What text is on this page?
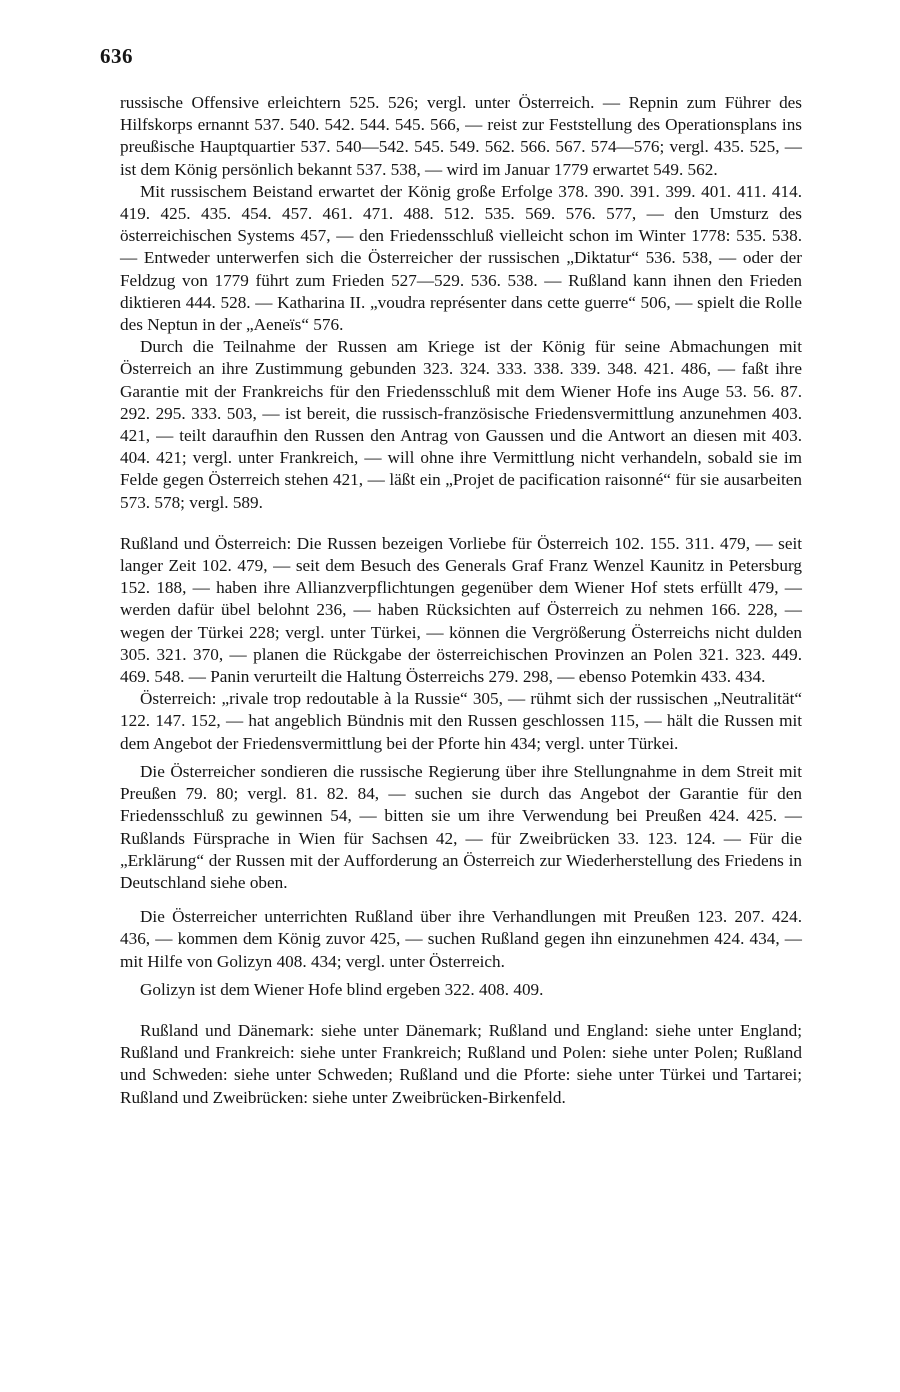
636

russische Offensive erleichtern 525. 526; vergl. unter Österreich. — Repnin zum Führer des Hilfskorps ernannt 537. 540. 542. 544. 545. 566, — reist zur Feststellung des Operationsplans ins preußische Hauptquartier 537. 540—542. 545. 549. 562. 566. 567. 574—576; vergl. 435. 525, — ist dem König persönlich bekannt 537. 538, — wird im Januar 1779 erwartet 549. 562.

Mit russischem Beistand erwartet der König große Erfolge 378. 390. 391. 399. 401. 411. 414. 419. 425. 435. 454. 457. 461. 471. 488. 512. 535. 569. 576. 577, — den Umsturz des österreichischen Systems 457, — den Friedensschluß vielleicht schon im Winter 1778: 535. 538. — Entweder unterwerfen sich die Österreicher der russischen „Diktatur“ 536. 538, — oder der Feldzug von 1779 führt zum Frieden 527—529. 536. 538. — Rußland kann ihnen den Frieden diktieren 444. 528. — Katharina II. „voudra représenter dans cette guerre“ 506, — spielt die Rolle des Neptun in der „Aeneïs“ 576.

Durch die Teilnahme der Russen am Kriege ist der König für seine Abmachungen mit Österreich an ihre Zustimmung gebunden 323. 324. 333. 338. 339. 348. 421. 486, — faßt ihre Garantie mit der Frankreichs für den Friedensschluß mit dem Wiener Hofe ins Auge 53. 56. 87. 292. 295. 333. 503, — ist bereit, die russisch-französische Friedensvermittlung anzunehmen 403. 421, — teilt daraufhin den Russen den Antrag von Gaussen und die Antwort an diesen mit 403. 404. 421; vergl. unter Frankreich, — will ohne ihre Vermittlung nicht verhandeln, sobald sie im Felde gegen Österreich stehen 421, — läßt ein „Projet de pacification raisonné“ für sie ausarbeiten 573. 578; vergl. 589.

Rußland und Österreich: Die Russen bezeigen Vorliebe für Österreich 102. 155. 311. 479, — seit langer Zeit 102. 479, — seit dem Besuch des Generals Graf Franz Wenzel Kaunitz in Petersburg 152. 188, — haben ihre Allianzverpflichtungen gegenüber dem Wiener Hof stets erfüllt 479, — werden dafür übel belohnt 236, — haben Rücksichten auf Österreich zu nehmen 166. 228, — wegen der Türkei 228; vergl. unter Türkei, — können die Vergrößerung Österreichs nicht dulden 305. 321. 370, — planen die Rückgabe der österreichischen Provinzen an Polen 321. 323. 449. 469. 548. — Panin verurteilt die Haltung Österreichs 279. 298, — ebenso Potemkin 433. 434.

Österreich: „rivale trop redoutable à la Russie“ 305, — rühmt sich der russischen „Neutralität“ 122. 147. 152, — hat angeblich Bündnis mit den Russen geschlossen 115, — hält die Russen mit dem Angebot der Friedensvermittlung bei der Pforte hin 434; vergl. unter Türkei.

Die Österreicher sondieren die russische Regierung über ihre Stellungnahme in dem Streit mit Preußen 79. 80; vergl. 81. 82. 84, — suchen sie durch das Angebot der Garantie für den Friedensschluß zu gewinnen 54, — bitten sie um ihre Verwendung bei Preußen 424. 425. — Rußlands Fürsprache in Wien für Sachsen 42, — für Zweibrücken 33. 123. 124. — Für die „Erklärung“ der Russen mit der Aufforderung an Österreich zur Wiederherstellung des Friedens in Deutschland siehe oben.

Die Österreicher unterrichten Rußland über ihre Verhandlungen mit Preußen 123. 207. 424. 436, — kommen dem König zuvor 425, — suchen Rußland gegen ihn einzunehmen 424. 434, — mit Hilfe von Golizyn 408. 434; vergl. unter Österreich.

Golizyn ist dem Wiener Hofe blind ergeben 322. 408. 409.

Rußland und Dänemark: siehe unter Dänemark; Rußland und England: siehe unter England; Rußland und Frankreich: siehe unter Frankreich; Rußland und Polen: siehe unter Polen; Rußland und Schweden: siehe unter Schweden; Rußland und die Pforte: siehe unter Türkei und Tartarei; Rußland und Zweibrücken: siehe unter Zweibrücken-Birkenfeld.
